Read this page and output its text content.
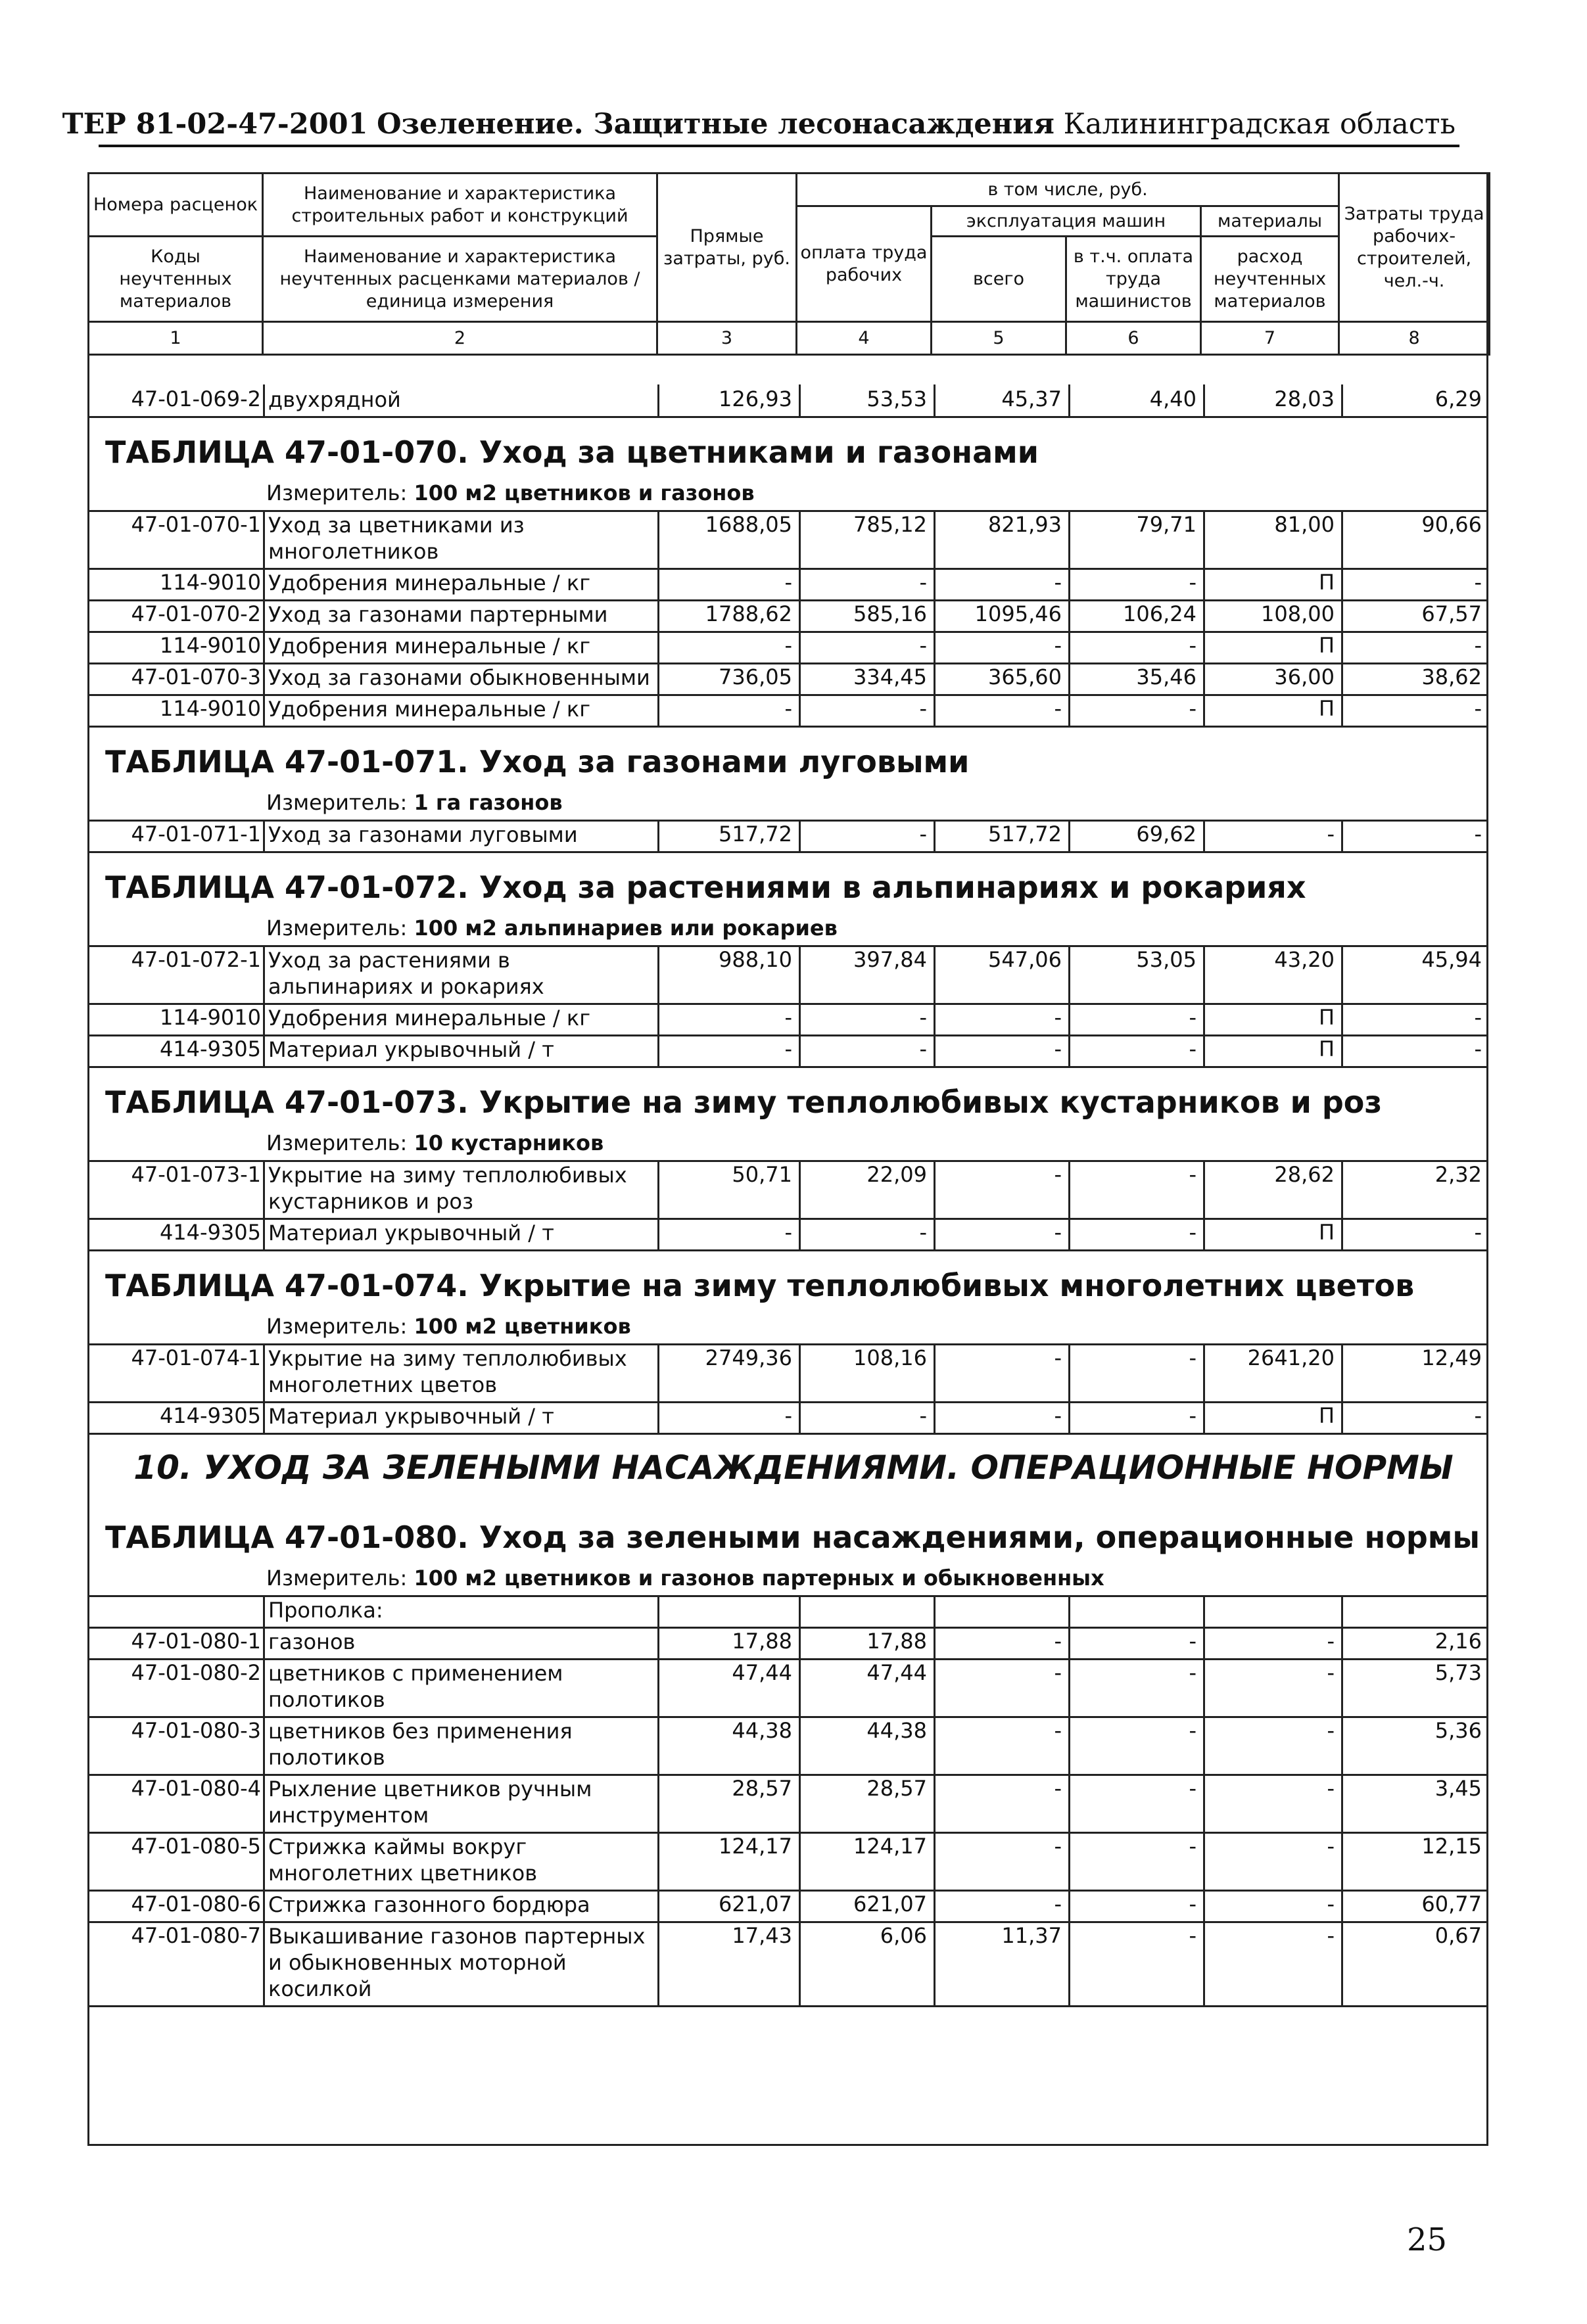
ТЕР 81-02-47-2001 Озеленение. Защитные лесонасаждения Калининградская область
Номера расценок	Наименование и характеристика строительных работ и конструкций	Прямые затраты, руб.	в том числе, руб.				Затраты труда рабочих-строителей, чел.-ч.
			оплата труда рабочих	эксплуатация машин		материалы	
Коды неучтенных материалов	Наименование и характеристика неучтенных расценками материалов / единица измерения			всего	в т.ч. оплата труда машинистов	расход неучтенных материалов	

1	2	3	4	5	6	7	8
47-01-069-2 двухрядной	126,93	53,53	45,37	4,40	28,03	6,29
ТАБЛИЦА 47-01-070. Уход за цветниками и газонами
Измеритель: 100 м2 цветников и газонов
47-01-070-1 Уход за цветниками из многолетников
1688,05	785,12	821,93	79,71	81,00	90,66
114-9010 Удобрения минеральные / кг	-	-	-	-	П	-
47-01-070-2 Уход за газонами партерными	1788,62	585,16	1095,46	106,24	108,00	67,57
114-9010 Удобрения минеральные / кг	-	-	-	-	П	-
47-01-070-3 Уход за газонами обыкновенными	736,05	334,45	365,60	35,46	36,00	38,62
114-9010 Удобрения минеральные / кг	-	-	-	-	П	-
ТАБЛИЦА 47-01-071. Уход за газонами луговыми
Измеритель: 1 га газонов
47-01-071-1 Уход за газонами луговыми	517,72	-	517,72	69,62	-	-
ТАБЛИЦА 47-01-072. Уход за растениями в альпинариях и рокариях
Измеритель: 100 м2 альпинариев или рокариев
47-01-072-1 Уход за растениями в альпинариях и рокариях
988,10	397,84	547,06	53,05	43,20	45,94
114-9010 Удобрения минеральные / кг	-	-	-	-	П	-
414-9305 Материал укрывочный / т	-	-	-	-	П	-
ТАБЛИЦА 47-01-073. Укрытие на зиму теплолюбивых кустарников и роз
Измеритель: 10 кустарников
47-01-073-1 Укрытие на зиму теплолюбивых кустарников и роз
50,71	22,09	-	-	28,62	2,32
414-9305 Материал укрывочный / т	-	-	-	-	П	-
ТАБЛИЦА 47-01-074. Укрытие на зиму теплолюбивых многолетних цветов
Измеритель: 100 м2 цветников
47-01-074-1 Укрытие на зиму теплолюбивых многолетних цветов
2749,36	108,16	-	-	2641,20	12,49
414-9305 Материал укрывочный / т	-	-	-	-	П	-
10. УХОД ЗА ЗЕЛЕНЫМИ НАСАЖДЕНИЯМИ. ОПЕРАЦИОННЫЕ НОРМЫ
ТАБЛИЦА 47-01-080. Уход за зелеными насаждениями, операционные нормы
Измеритель: 100 м2 цветников и газонов партерных и обыкновенных
Прополка:
47-01-080-1 газонов	17,88	17,88	-	-	-	2,16
47-01-080-2 цветников с применением полотиков
47,44	47,44	-	-	-	5,73
47-01-080-3 цветников без применения полотиков
44,38	44,38	-	-	-	5,36
47-01-080-4 Рыхление цветников ручным инструментом
28,57	28,57	-	-	-	3,45
47-01-080-5 Стрижка каймы вокруг многолетних цветников
124,17	124,17	-	-	-	12,15
47-01-080-6 Стрижка газонного бордюра	621,07	621,07	-	-	-	60,77
47-01-080-7 Выкашивание газонов партерных и обыкновенных моторной косилкой
17,43	6,06	11,37	-	-	0,67
25
